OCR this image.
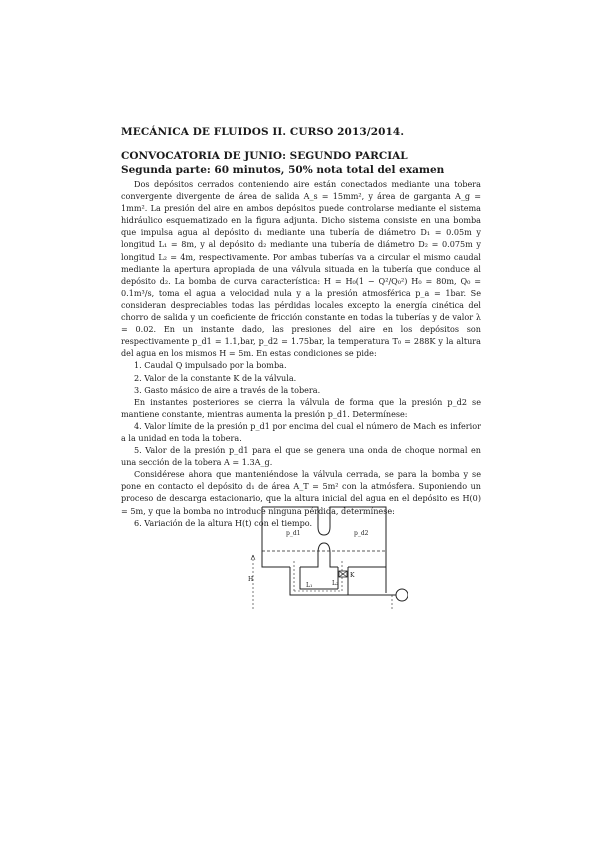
MECÁNICA DE FLUIDOS II. CURSO 2013/2014.
CONVOCATORIA DE JUNIO: SEGUNDO PARCIAL
Segunda parte: 60 minutos, 50% nota total del examen

Dos depósitos cerrados conteniendo aire están conectados mediante una tobera convergente divergente de área de salida A_s = 15mm², y área de garganta A_g = 1mm². La presión del aire en ambos depósitos puede controlarse mediante el sistema hidráulico esquematizado en la figura adjunta. Dicho sistema consiste en una bomba que impulsa agua al depósito d₁ mediante una tubería de diámetro D₁ = 0.05m y longitud L₁ = 8m, y al depósito d₂ mediante una tubería de diámetro D₂ = 0.075m y longitud L₂ = 4m, respectivamente. Por ambas tuberías va a circular el mismo caudal mediante la apertura apropiada de una válvula situada en la tubería que conduce al depósito d₂. La bomba de curva característica: H = H₀(1 − Q²/Q₀²) H₀ = 80m, Q₀ = 0.1m³/s, toma el agua a velocidad nula y a la presión atmosférica p_a = 1bar. Se consideran despreciables todas las pérdidas locales excepto la energía cinética del chorro de salida y un coeficiente de fricción constante en todas la tuberías y de valor λ = 0.02. En un instante dado, las presiones del aire en los depósitos son respectivamente p_d1 = 1.1,bar, p_d2 = 1.75bar, la temperatura T₀ = 288K y la altura del agua en los mismos H = 5m. En estas condiciones se pide:

1. Caudal Q impulsado por la bomba.
2. Valor de la constante K de la válvula.
3. Gasto másico de aire a través de la tobera.

En instantes posteriores se cierra la válvula de forma que la presión p_d2 se mantiene constante, mientras aumenta la presión p_d1. Determínese:

4. Valor límite de la presión p_d1 por encima del cual el número de Mach es inferior a la unidad en toda la tobera.
5. Valor de la presión p_d1 para el que se genera una onda de choque normal en una sección de la tobera A = 1.3A_g.

Considérese ahora que manteniéndose la válvula cerrada, se para la bomba y se pone en contacto el depósito d₁ de área A_T = 5m² con la atmósfera. Suponiendo un proceso de descarga estacionario, que la altura inicial del agua en el depósito es H(0) = 5m, y que la bomba no introduce ninguna pérdida, determínese:

6. Variación de la altura H(t) con el tiempo.
p_d1	p_d2
H
L₁	L₂
K
